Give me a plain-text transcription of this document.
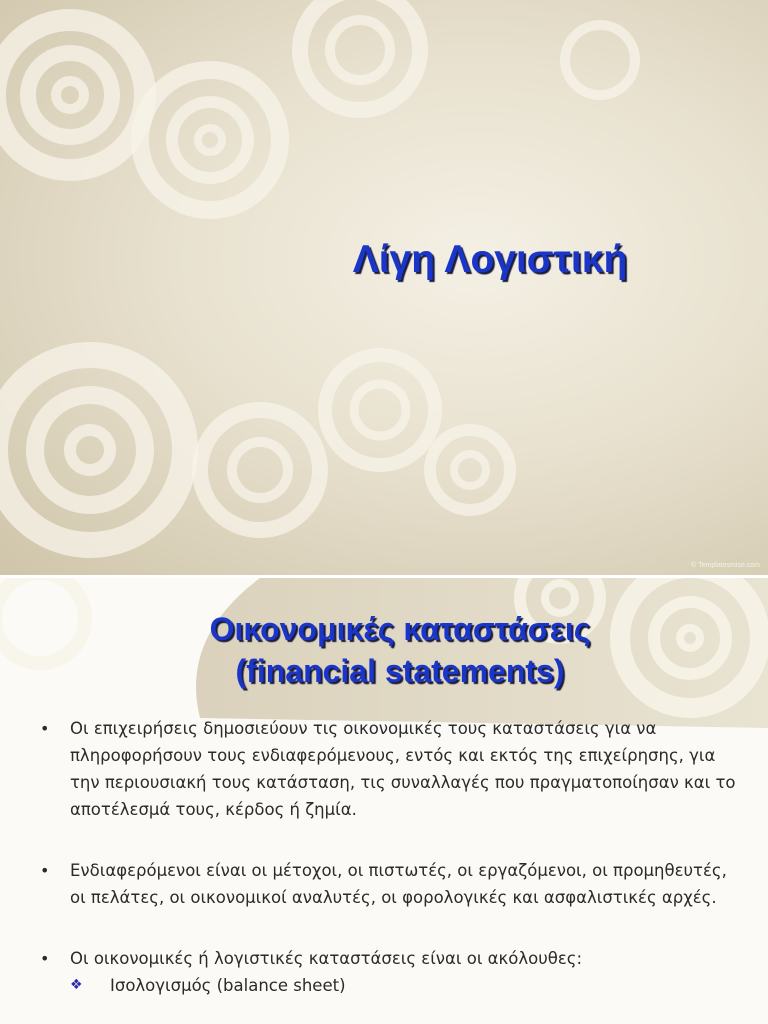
Λίγη Λογιστική
© Templatesmise.com
Οικονομικές καταστάσεις
(financial statements)
• Οι επιχειρήσεις δημοσιεύουν τις οικονομικές τους καταστάσεις για να πληροφορήσουν τους ενδιαφερόμενους, εντός και εκτός της επιχείρησης, για την περιουσιακή τους κατάσταση, τις συναλλαγές που πραγματοποίησαν και το αποτέλεσμά τους, κέρδος ή ζημία.
• Ενδιαφερόμενοι είναι οι μέτοχοι, οι πιστωτές, οι εργαζόμενοι, οι προμηθευτές, οι πελάτες, οι οικονομικοί αναλυτές, οι φορολογικές και ασφαλιστικές αρχές.
• Οι οικονομικές ή λογιστικές καταστάσεις είναι οι ακόλουθες:
❖ Ισολογισμός (balance sheet)
